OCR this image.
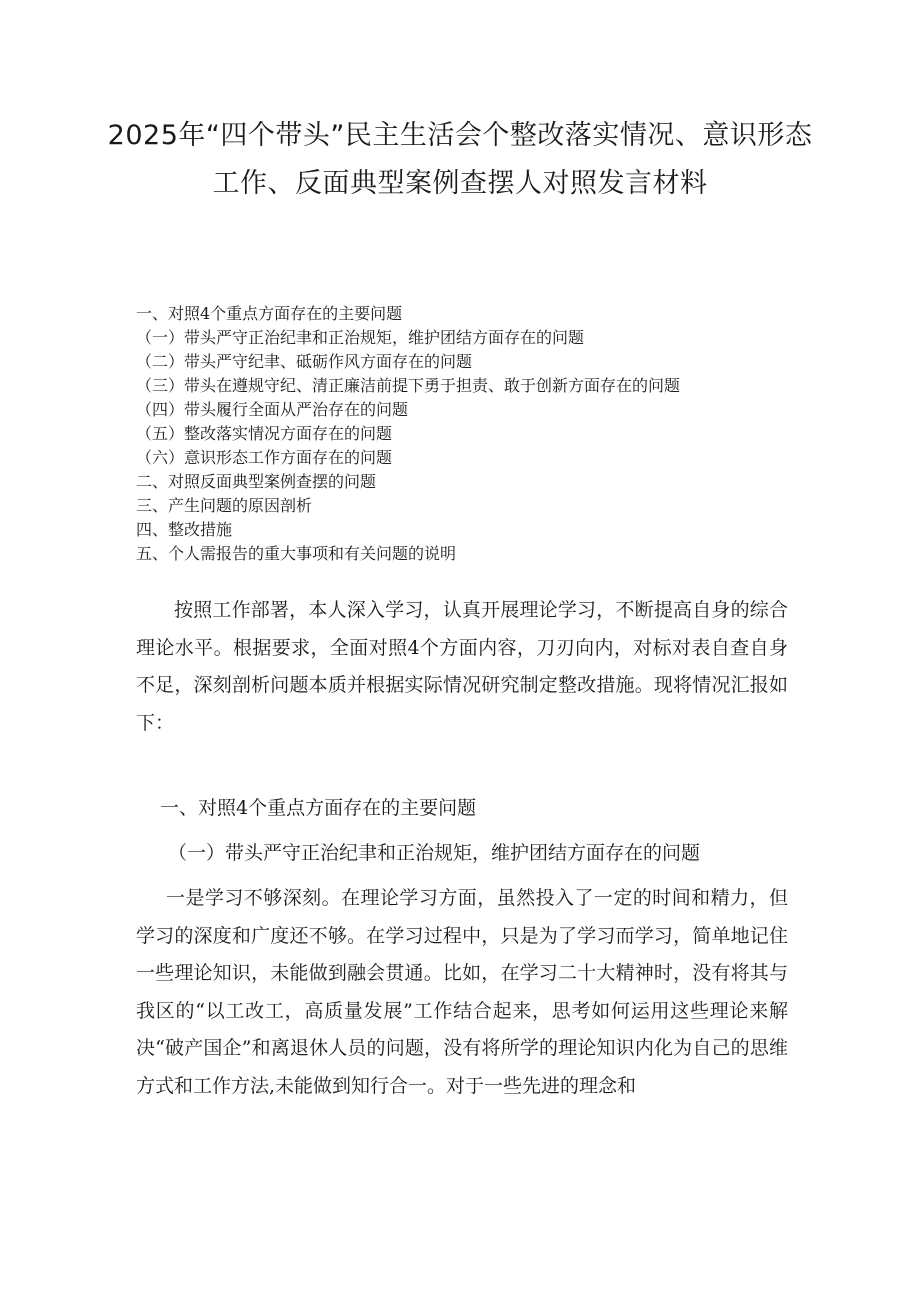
2025年“四个带头”民主生活会个整改落实情况、意识形态工作、反面典型案例查摆人对照发言材料
一、对照4个重点方面存在的主要问题
（一）带头严守正治纪聿和正治规矩，维护团结方面存在的问题
（二）带头严守纪聿、砥砺作风方面存在的问题
（三）带头在遵规守纪、清正廉洁前提下勇于担责、敢于创新方面存在的问题
（四）带头履行全面从严治存在的问题
（五）整改落实情况方面存在的问题
（六）意识形态工作方面存在的问题
二、对照反面典型案例查摆的问题
三、产生问题的原因剖析
四、整改措施
五、个人需报告的重大事项和有关问题的说明

按照工作部署，本人深入学习，认真开展理论学习，不断提高自身的综合理论水平。根据要求，全面对照4个方面内容，刀刃向内，对标对表自查自身不足，深刻剖析问题本质并根据实际情况研究制定整改措施。现将情况汇报如下：

一、对照4个重点方面存在的主要问题

（一）带头严守正治纪聿和正治规矩，维护团结方面存在的问题

一是学习不够深刻。在理论学习方面，虽然投入了一定的时间和精力，但学习的深度和广度还不够。在学习过程中，只是为了学习而学习，简单地记住一些理论知识，未能做到融会贯通。比如，在学习二十大精神时，没有将其与我区的“以工改工，高质量发展”工作结合起来，思考如何运用这些理论来解决“破产国企”和离退休人员的问题，没有将所学的理论知识内化为自己的思维方式和工作方法,未能做到知行合一。对于一些先进的理念和
